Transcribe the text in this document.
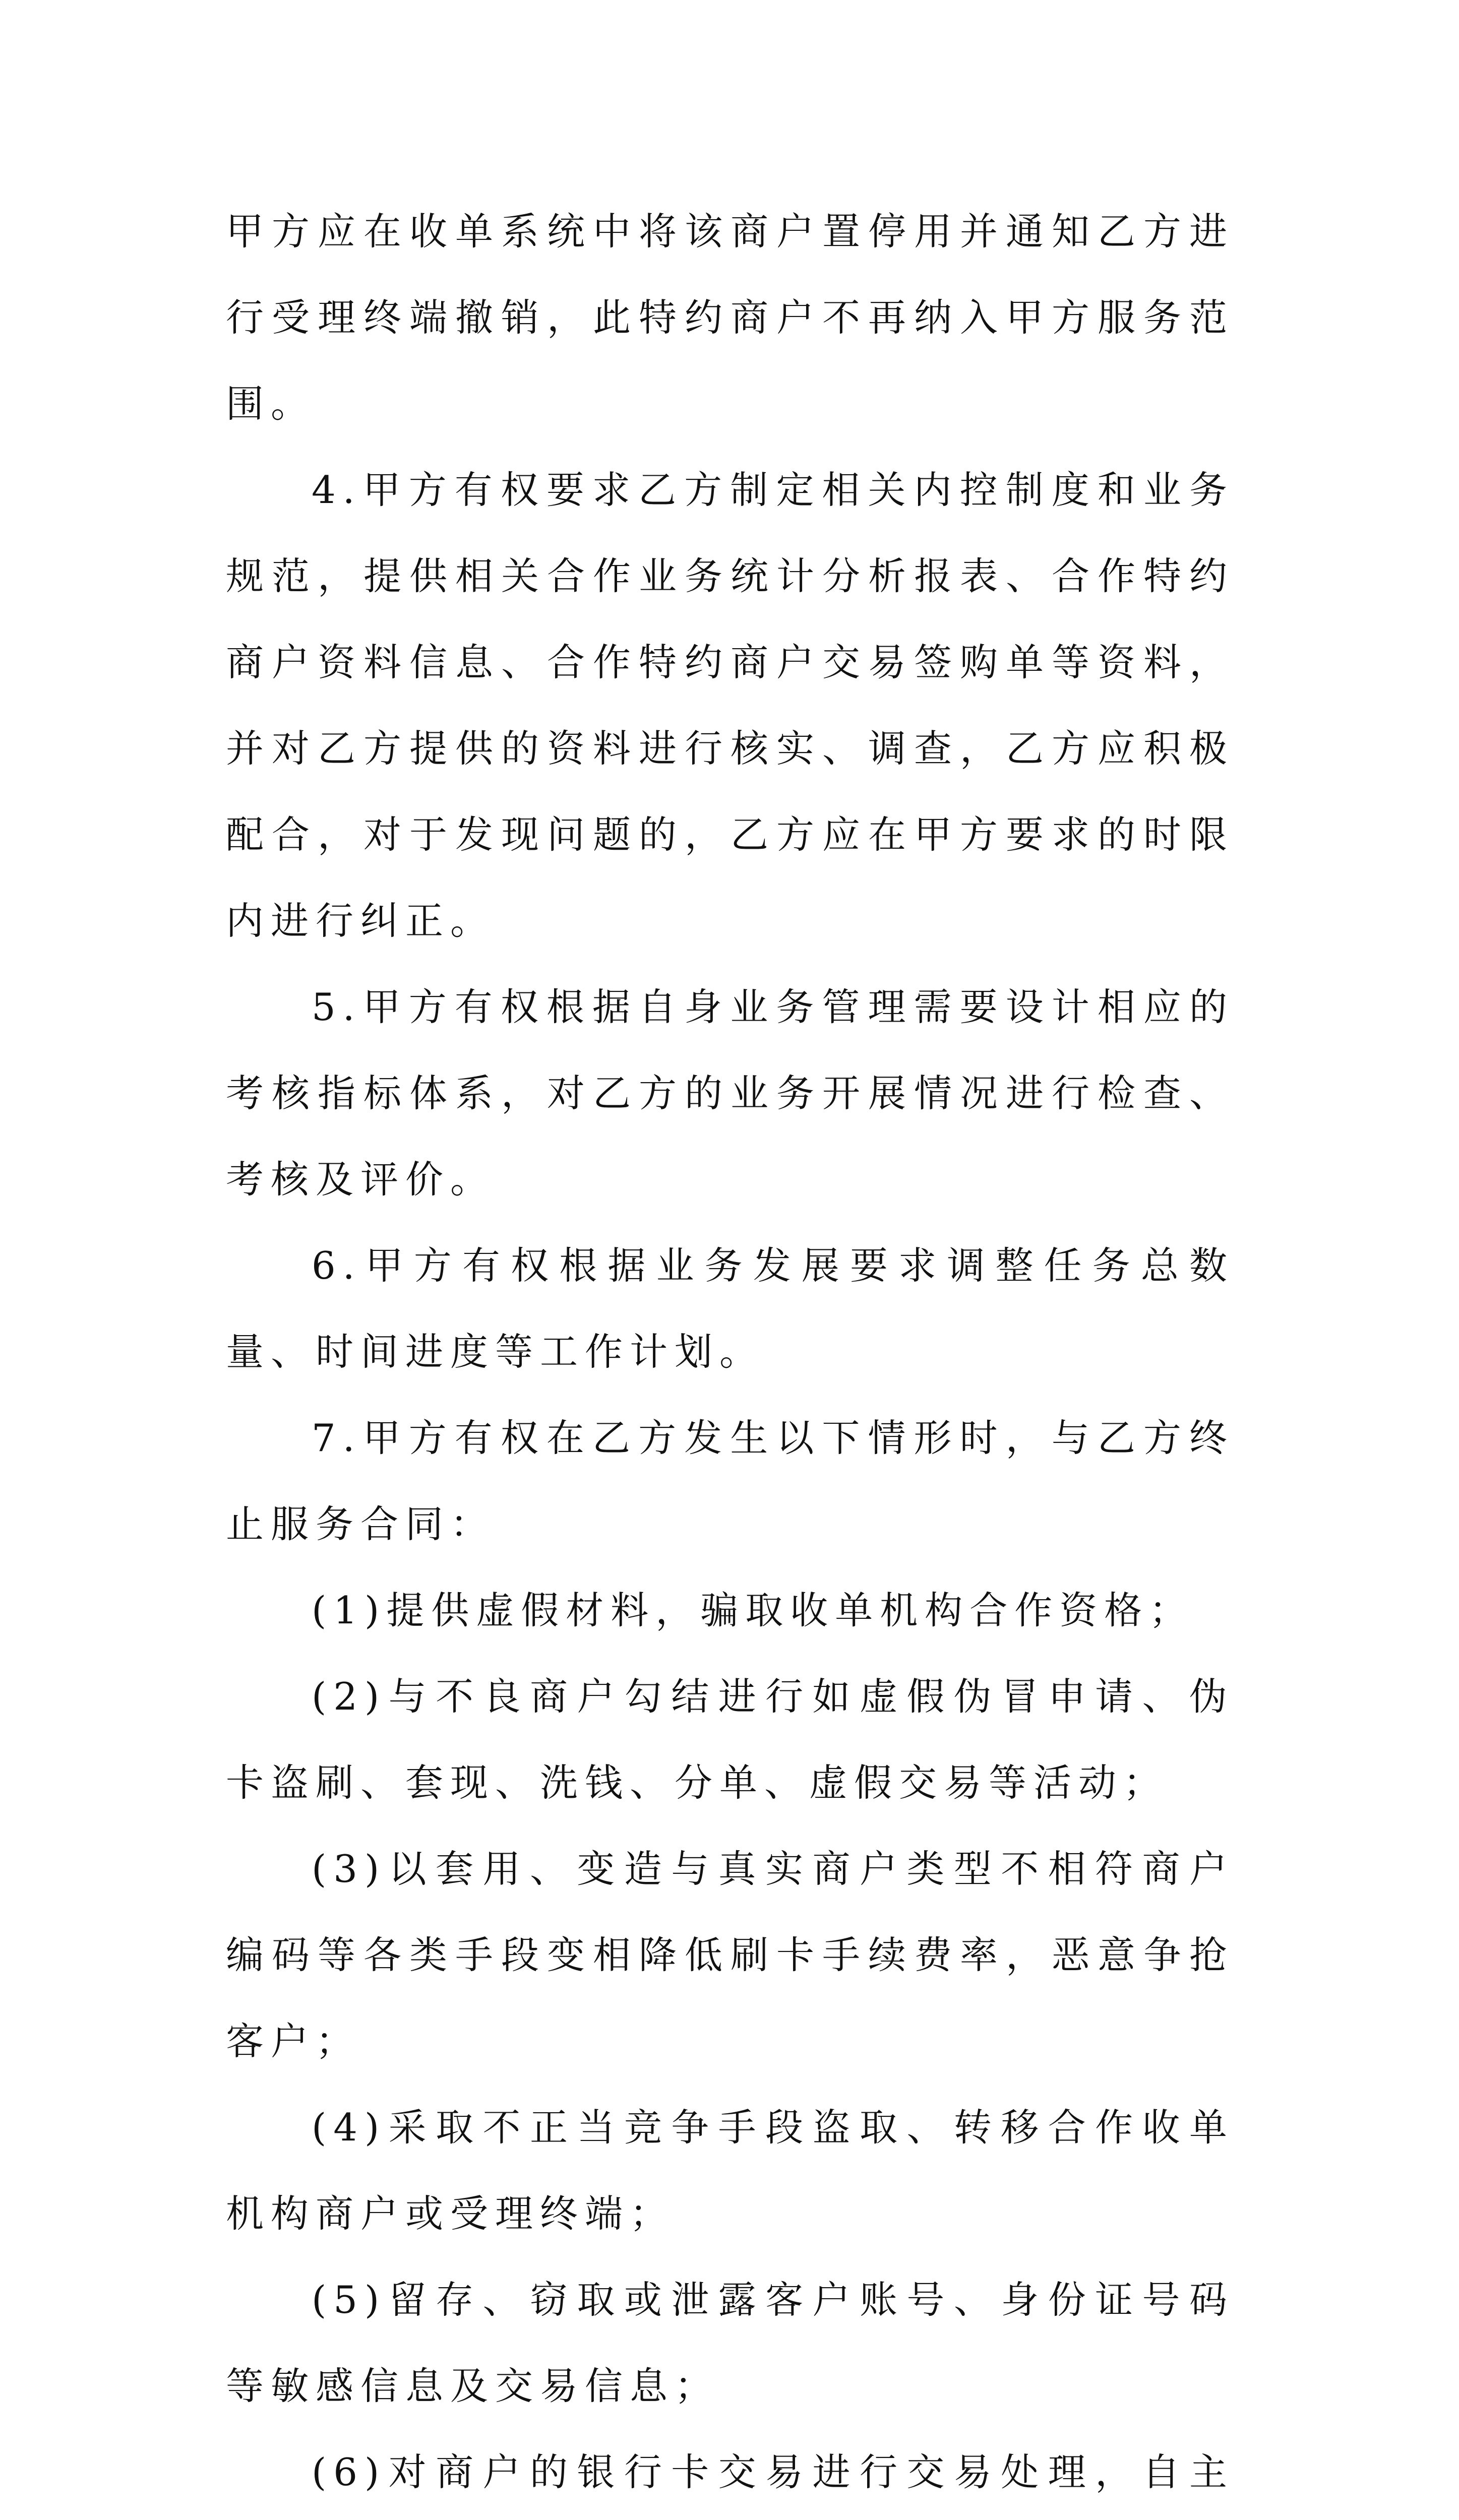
甲方应在收单系统中将该商户置停用并通知乙方进行受理终端撤销，此特约商户不再纳入甲方服务范围。

4.甲方有权要求乙方制定相关内控制度和业务规范，提供相关合作业务统计分析报表、合作特约商户资料信息、合作特约商户交易签购单等资料，并对乙方提供的资料进行核实、调查，乙方应积极配合，对于发现问题的，乙方应在甲方要求的时限内进行纠正。

5.甲方有权根据自身业务管理需要设计相应的考核指标体系，对乙方的业务开展情况进行检查、考核及评价。

6.甲方有权根据业务发展要求调整任务总数量、时间进度等工作计划。

7.甲方有权在乙方发生以下情形时，与乙方终止服务合同：

(1)提供虚假材料，骗取收单机构合作资格；

(2)与不良商户勾结进行如虚假伪冒申请、伪卡盗刷、套现、洗钱、分单、虚假交易等活动；

(3)以套用、变造与真实商户类型不相符商户编码等各类手段变相降低刷卡手续费率，恶意争抢客户；

(4)采取不正当竞争手段盗取、转移合作收单机构商户或受理终端；

(5)留存、窃取或泄露客户账号、身份证号码等敏感信息及交易信息；

(6)对商户的银行卡交易进行交易处理，自主
